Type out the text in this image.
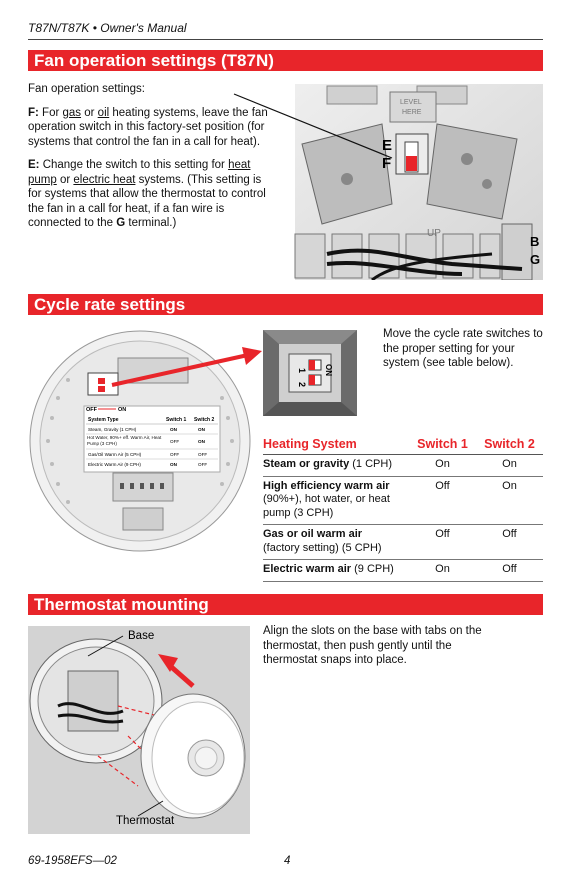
T87N/T87K • Owner's Manual
Fan operation settings (T87N)

Fan operation settings:

F: For gas or oil heating systems, leave the fan operation switch in this factory-set position (for systems that control the fan in a call for heat).

E: Change the switch to this setting for heat pump or electric heat systems. (This setting is for systems that allow the thermostat to control the fan in a call for heat, if a fan wire is connected to the G terminal.)

LEVEL
HERE
E
F
UP
B
G
Cycle rate settings
OFF	ON
System Type	Switch 1 Switch 2
Steam, Gravity (1 CPH)	ON	ON
Hot Water, 90%+ eff. Warm Air, Heat Pump (3 CPH)	OFF	ON
Gas/Oil Warm Air (5 CPH)	OFF	OFF
Electric Warm Air (9 CPH)	ON	OFF
ON
1
2
Move the cycle rate switches to the proper setting for your system (see table below).
Heating System	Switch 1	Switch 2
Steam or gravity (1 CPH)	On	On
High efficiency warm air
(90%+), hot water, or heat pump (3 CPH)	Off	On
Gas or oil warm air
(factory setting) (5 CPH)	Off	Off
Electric warm air (9 CPH)	On	Off
Thermostat mounting
Base
Thermostat
Align the slots on the base with tabs on the thermostat, then push gently until the thermostat snaps into place.
69-1958EFS—02	4
